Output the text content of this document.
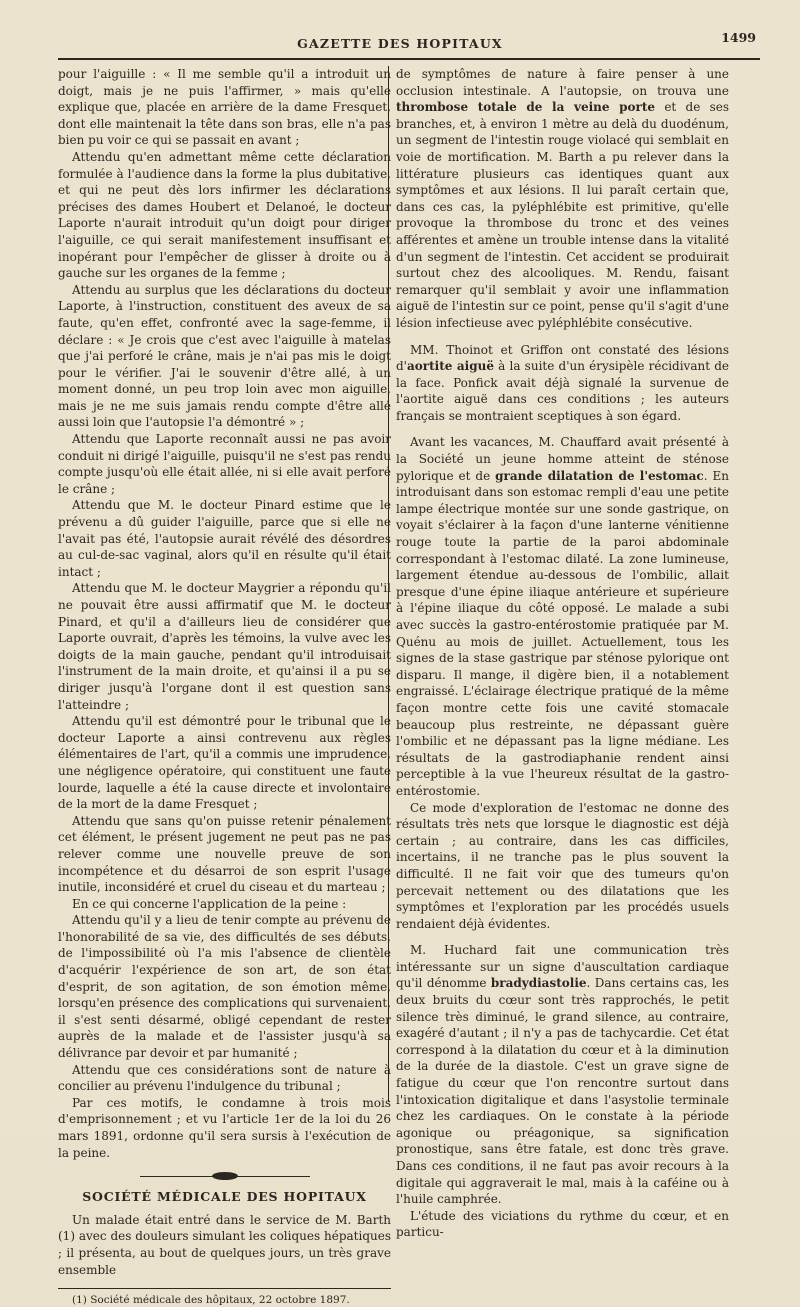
GAZETTE DES HOPITAUX	1499

pour l'aiguille : « Il me semble qu'il a introduit un doigt, mais je ne puis l'affirmer, » mais qu'elle explique que, placée en arrière de la dame Fresquet, dont elle maintenait la tête dans son bras, elle n'a pas bien pu voir ce qui se passait en avant ;

Attendu qu'en admettant même cette déclaration formulée à l'audience dans la forme la plus dubitative, et qui ne peut dès lors infirmer les déclarations précises des dames Houbert et Delanoé, le docteur Laporte n'aurait introduit qu'un doigt pour diriger l'aiguille, ce qui serait manifestement insuffisant et inopérant pour l'empêcher de glisser à droite ou à gauche sur les organes de la femme ;

Attendu au surplus que les déclarations du docteur Laporte, à l'instruction, constituent des aveux de sa faute, qu'en effet, confronté avec la sage-femme, il déclare : « Je crois que c'est avec l'aiguille à matelas que j'ai perforé le crâne, mais je n'ai pas mis le doigt pour le vérifier. J'ai le souvenir d'être allé, à un moment donné, un peu trop loin avec mon aiguille, mais je ne me suis jamais rendu compte d'être allé aussi loin que l'autopsie l'a démontré » ;

Attendu que Laporte reconnaît aussi ne pas avoir conduit ni dirigé l'aiguille, puisqu'il ne s'est pas rendu compte jusqu'où elle était allée, ni si elle avait perforé le crâne ;

Attendu que M. le docteur Pinard estime que le prévenu a dû guider l'aiguille, parce que si elle ne l'avait pas été, l'autopsie aurait révélé des désordres au cul-de-sac vaginal, alors qu'il en résulte qu'il était intact ;

Attendu que M. le docteur Maygrier a répondu qu'il ne pouvait être aussi affirmatif que M. le docteur Pinard, et qu'il a d'ailleurs lieu de considérer que Laporte ouvrait, d'après les témoins, la vulve avec les doigts de la main gauche, pendant qu'il introduisait l'instrument de la main droite, et qu'ainsi il a pu se diriger jusqu'à l'organe dont il est question sans l'atteindre ;

Attendu qu'il est démontré pour le tribunal que le docteur Laporte a ainsi contrevenu aux règles élémentaires de l'art, qu'il a commis une imprudence, une négligence opératoire, qui constituent une faute lourde, laquelle a été la cause directe et involontaire de la mort de la dame Fresquet ;

Attendu que sans qu'on puisse retenir pénalement cet élément, le présent jugement ne peut pas ne pas relever comme une nouvelle preuve de son incompétence et du désarroi de son esprit l'usage inutile, inconsidéré et cruel du ciseau et du marteau ;

En ce qui concerne l'application de la peine :

Attendu qu'il y a lieu de tenir compte au prévenu de l'honorabilité de sa vie, des difficultés de ses débuts, de l'impossibilité où l'a mis l'absence de clientèle d'acquérir l'expérience de son art, de son état d'esprit, de son agitation, de son émotion même, lorsqu'en présence des complications qui survenaient, il s'est senti désarmé, obligé cependant de rester auprès de la malade et de l'assister jusqu'à sa délivrance par devoir et par humanité ;

Attendu que ces considérations sont de nature à concilier au prévenu l'indulgence du tribunal ;

Par ces motifs, le condamne à trois mois d'emprisonnement ; et vu l'article 1er de la loi du 26 mars 1891, ordonne qu'il sera sursis à l'exécution de la peine.

SOCIÉTÉ MÉDICALE DES HOPITAUX

Un malade était entré dans le service de M. Barth (1) avec des douleurs simulant les coliques hépatiques ; il présenta, au bout de quelques jours, un très grave ensemble

(1) Société médicale des hôpitaux, 22 octobre 1897.

de symptômes de nature à faire penser à une occlusion intestinale. A l'autopsie, on trouva une thrombose totale de la veine porte et de ses branches, et, à environ 1 mètre au delà du duodénum, un segment de l'intestin rouge violacé qui semblait en voie de mortification. M. Barth a pu relever dans la littérature plusieurs cas identiques quant aux symptômes et aux lésions. Il lui paraît certain que, dans ces cas, la pyléphlébite est primitive, qu'elle provoque la thrombose du tronc et des veines afférentes et amène un trouble intense dans la vitalité d'un segment de l'intestin. Cet accident se produirait surtout chez des alcooliques. M. Rendu, faisant remarquer qu'il semblait y avoir une inflammation aiguë de l'intestin sur ce point, pense qu'il s'agit d'une lésion infectieuse avec pyléphlébite consécutive.

MM. Thoinot et Griffon ont constaté des lésions d'aortite aiguë à la suite d'un érysipèle récidivant de la face. Ponfick avait déjà signalé la survenue de l'aortite aiguë dans ces conditions ; les auteurs français se montraient sceptiques à son égard.

Avant les vacances, M. Chauffard avait présenté à la Société un jeune homme atteint de sténose pylorique et de grande dilatation de l'estomac. En introduisant dans son estomac rempli d'eau une petite lampe électrique montée sur une sonde gastrique, on voyait s'éclairer à la façon d'une lanterne vénitienne rouge toute la partie de la paroi abdominale correspondant à l'estomac dilaté. La zone lumineuse, largement étendue au-dessous de l'ombilic, allait presque d'une épine iliaque antérieure et supérieure à l'épine iliaque du côté opposé. Le malade a subi avec succès la gastro-entérostomie pratiquée par M. Quénu au mois de juillet. Actuellement, tous les signes de la stase gastrique par sténose pylorique ont disparu. Il mange, il digère bien, il a notablement engraissé. L'éclairage électrique pratiqué de la même façon montre cette fois une cavité stomacale beaucoup plus restreinte, ne dépassant guère l'ombilic et ne dépassant pas la ligne médiane. Les résultats de la gastrodiaphanie rendent ainsi perceptible à la vue l'heureux résultat de la gastro-entérostomie.

Ce mode d'exploration de l'estomac ne donne des résultats très nets que lorsque le diagnostic est déjà certain ; au contraire, dans les cas difficiles, incertains, il ne tranche pas le plus souvent la difficulté. Il ne fait voir que des tumeurs qu'on percevait nettement ou des dilatations que les symptômes et l'exploration par les procédés usuels rendaient déjà évidentes.

M. Huchard fait une communication très intéressante sur un signe d'auscultation cardiaque qu'il dénomme bradydiastolie. Dans certains cas, les deux bruits du cœur sont très rapprochés, le petit silence très diminué, le grand silence, au contraire, exagéré d'autant ; il n'y a pas de tachycardie. Cet état correspond à la dilatation du cœur et à la diminution de la durée de la diastole. C'est un grave signe de fatigue du cœur que l'on rencontre surtout dans l'intoxication digitalique et dans l'asystolie terminale chez les cardiaques. On le constate à la période agonique ou préagonique, sa signification pronostique, sans être fatale, est donc très grave. Dans ces conditions, il ne faut pas avoir recours à la digitale qui aggraverait le mal, mais à la caféine ou à l'huile camphrée.

L'étude des viciations du rythme du cœur, et en particu-
